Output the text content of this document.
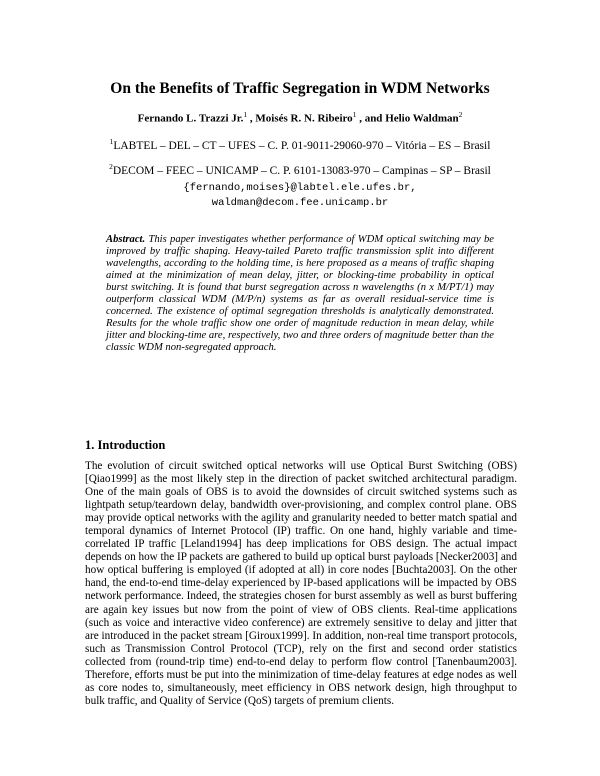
On the Benefits of Traffic Segregation in WDM Networks
Fernando L. Trazzi Jr.$^1$ , Moisés R. N. Ribeiro$^1$ , and Helio Waldman$^2$
$^1$LABTEL – DEL – CT – UFES – C. P. 01-9011-29060-970 – Vitória – ES – Brasil
$^2$DECOM – FEEC – UNICAMP – C. P. 6101-13083-970 – Campinas – SP – Brasil
{fernando,moises}@labtel.ele.ufes.br,
waldman@decom.fee.unicamp.br
Abstract. This paper investigates whether performance of WDM optical switching may be improved by traffic shaping. Heavy-tailed Pareto traffic transmission split into different wavelengths, according to the holding time, is here proposed as a means of traffic shaping aimed at the minimization of mean delay, jitter, or blocking-time probability in optical burst switching. It is found that burst segregation across n wavelengths (n x M/PT/1) may outperform classical WDM (M/P/n) systems as far as overall residual-service time is concerned. The existence of optimal segregation thresholds is analytically demonstrated. Results for the whole traffic show one order of magnitude reduction in mean delay, while jitter and blocking-time are, respectively, two and three orders of magnitude better than the classic WDM non-segregated approach.
1. Introduction

The evolution of circuit switched optical networks will use Optical Burst Switching (OBS) [Qiao1999] as the most likely step in the direction of packet switched architectural paradigm. One of the main goals of OBS is to avoid the downsides of circuit switched systems such as lightpath setup/teardown delay, bandwidth over-provisioning, and complex control plane. OBS may provide optical networks with the agility and granularity needed to better match spatial and temporal dynamics of Internet Protocol (IP) traffic. On one hand, highly variable and time-correlated IP traffic [Leland1994] has deep implications for OBS design. The actual impact depends on how the IP packets are gathered to build up optical burst payloads [Necker2003] and how optical buffering is employed (if adopted at all) in core nodes [Buchta2003]. On the other hand, the end-to-end time-delay experienced by IP-based applications will be impacted by OBS network performance. Indeed, the strategies chosen for burst assembly as well as burst buffering are again key issues but now from the point of view of OBS clients. Real-time applications (such as voice and interactive video conference) are extremely sensitive to delay and jitter that are introduced in the packet stream [Giroux1999]. In addition, non-real time transport protocols, such as Transmission Control Protocol (TCP), rely on the first and second order statistics collected from (round-trip time) end-to-end delay to perform flow control [Tanenbaum2003]. Therefore, efforts must be put into the minimization of time-delay features at edge nodes as well as core nodes to, simultaneously, meet efficiency in OBS network design, high throughput to bulk traffic, and Quality of Service (QoS) targets of premium clients.
